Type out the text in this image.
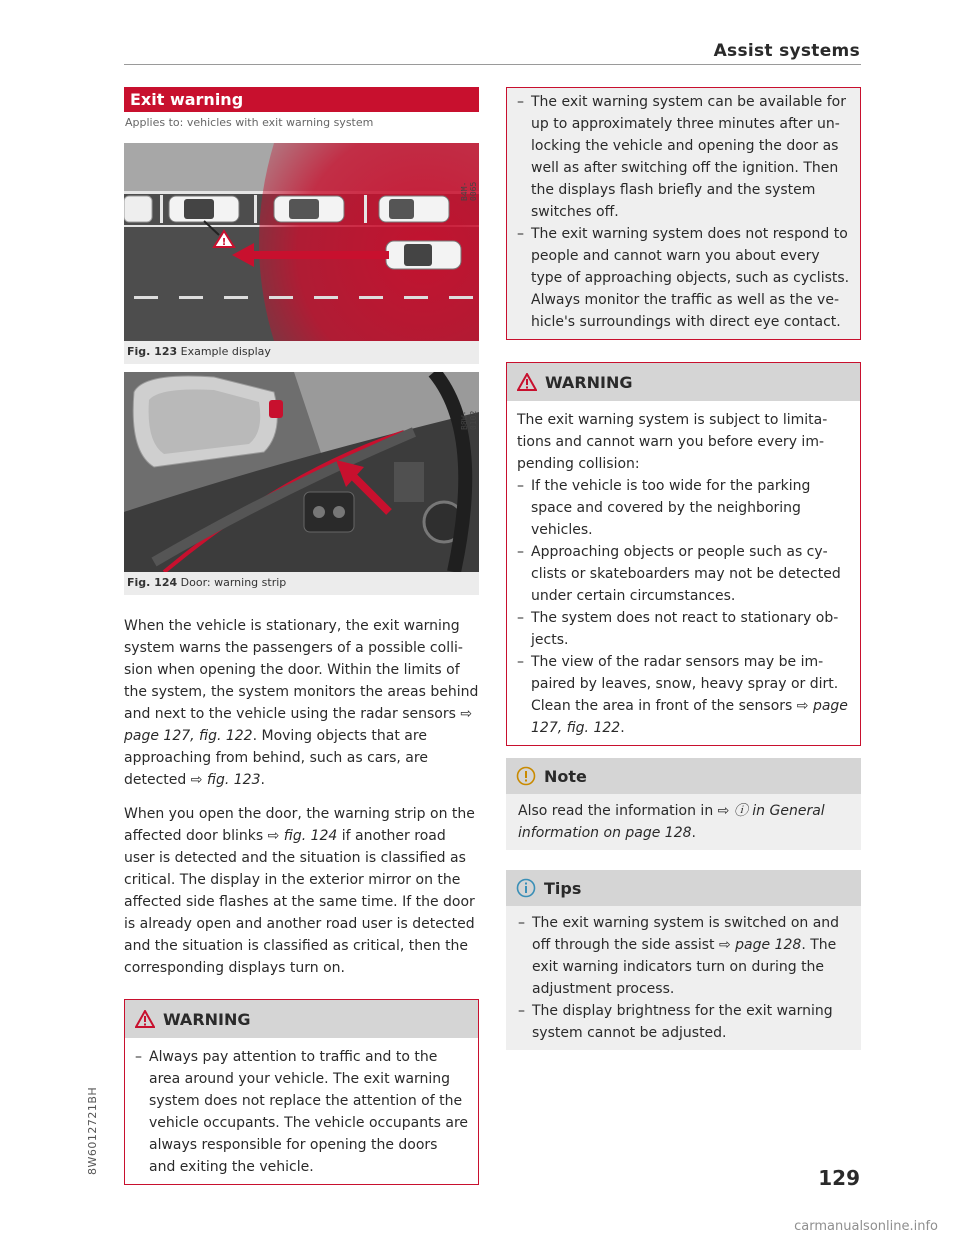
Assist systems
Exit warning
Applies to: vehicles with exit warning system
!
B4M-0065
Fig. 123 Example display
B8W-0102
Fig. 124 Door: warning strip

When the vehicle is stationary, the exit warning system warns the passengers of a possible collision when opening the door. Within the limits of the system, the system monitors the areas behind and next to the vehicle using the radar sensors ⇨ page 127, fig. 122. Moving objects that are approaching from behind, such as cars, are detected ⇨ fig. 123.

When you open the door, the warning strip on the affected door blinks ⇨ fig. 124 if another road user is detected and the situation is classified as critical. The display in the exterior mirror on the affected side flashes at the same time. If the door is already open and another road user is detected and the situation is classified as critical, then the corresponding displays turn on.

WARNING
– Always pay attention to traffic and to the area around your vehicle. The exit warning system does not replace the attention of the vehicle occupants. The vehicle occupants are always responsible for opening the doors and exiting the vehicle.
– The exit warning system can be available for up to approximately three minutes after unlocking the vehicle and opening the door as well as after switching off the ignition. Then the displays flash briefly and the system switches off.
– The exit warning system does not respond to people and cannot warn you about every type of approaching objects, such as cyclists. Always monitor the traffic as well as the vehicle's surroundings with direct eye contact.
WARNING
The exit warning system is subject to limitations and cannot warn you before every impending collision:
– If the vehicle is too wide for the parking space and covered by the neighboring vehicles.
– Approaching objects or people such as cyclists or skateboarders may not be detected under certain circumstances.
– The system does not react to stationary objects.
– The view of the radar sensors may be impaired by leaves, snow, heavy spray or dirt. Clean the area in front of the sensors ⇨ page 127, fig. 122.
Note
Also read the information in ⇨ ⓘ in General information on page 128.
Tips
– The exit warning system is switched on and off through the side assist ⇨ page 128. The exit warning indicators turn on during the adjustment process.
– The display brightness for the exit warning system cannot be adjusted.
8W6012721BH
129
carmanualsonline.info
